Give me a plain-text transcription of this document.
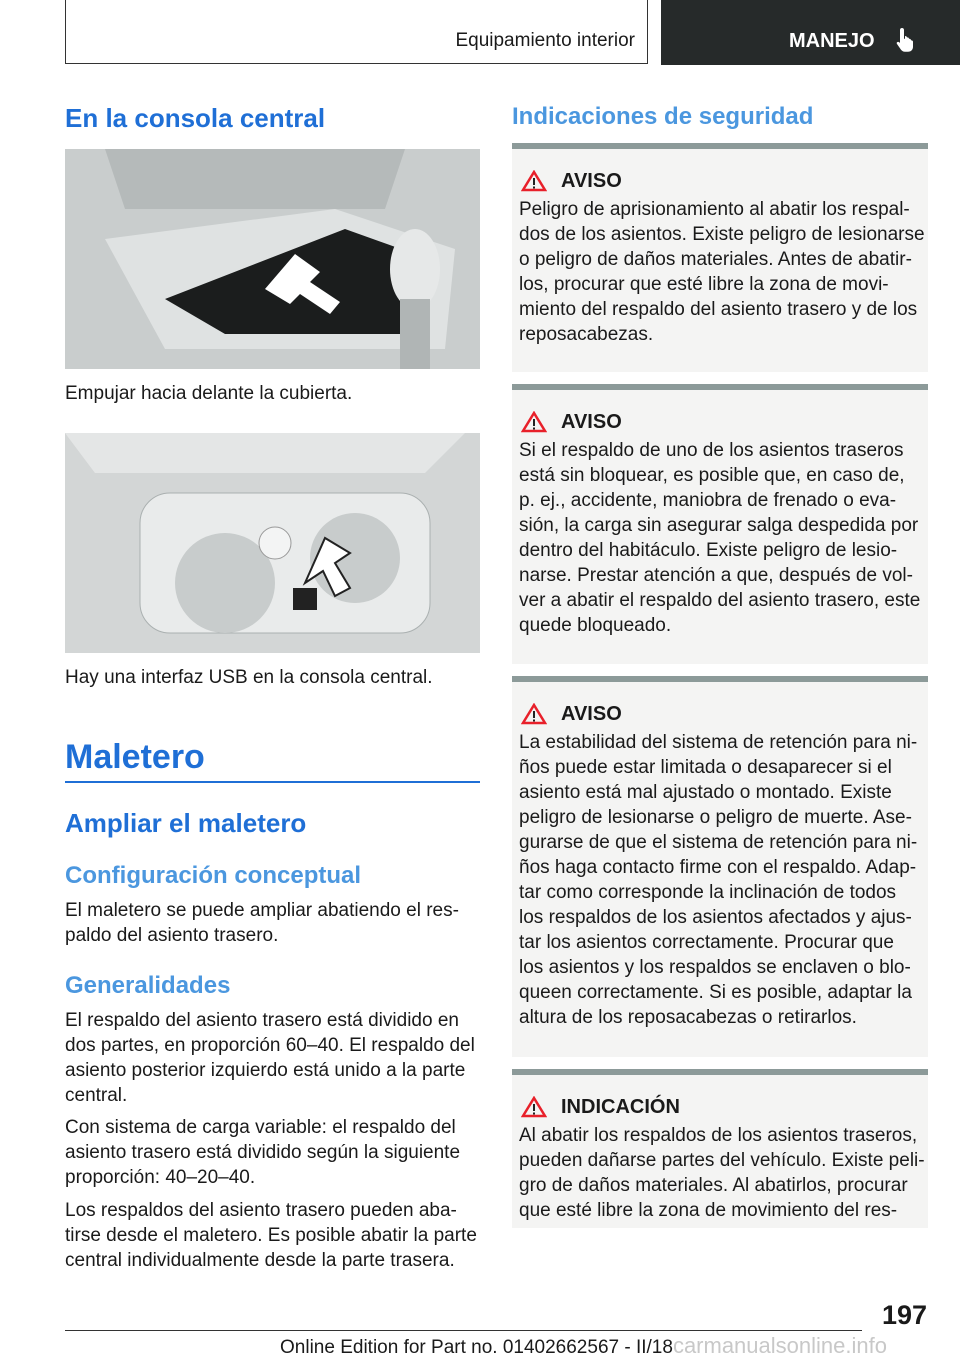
Equipamiento interior	MANEJO
En la consola central
Empujar hacia delante la cubierta.
Hay una interfaz USB en la consola central.
Maletero
Ampliar el maletero
Configuración conceptual
El maletero se puede ampliar abatiendo el res-
paldo del asiento trasero.
Generalidades
El respaldo del asiento trasero está dividido en
dos partes, en proporción 60–40. El respaldo del
asiento posterior izquierdo está unido a la parte
central.
Con sistema de carga variable: el respaldo del
asiento trasero está dividido según la siguiente
proporción: 40–20–40.
Los respaldos del asiento trasero pueden aba-
tirse desde el maletero. Es posible abatir la parte
central individualmente desde la parte trasera.
Indicaciones de seguridad
AVISO
Peligro de aprisionamiento al abatir los respal-
dos de los asientos. Existe peligro de lesionarse
o peligro de daños materiales. Antes de abatir-
los, procurar que esté libre la zona de movi-
miento del respaldo del asiento trasero y de los
reposacabezas.
AVISO
Si el respaldo de uno de los asientos traseros
está sin bloquear, es posible que, en caso de,
p. ej., accidente, maniobra de frenado o eva-
sión, la carga sin asegurar salga despedida por
dentro del habitáculo. Existe peligro de lesio-
narse. Prestar atención a que, después de vol-
ver a abatir el respaldo del asiento trasero, este
quede bloqueado.
AVISO
La estabilidad del sistema de retención para ni-
ños puede estar limitada o desaparecer si el
asiento está mal ajustado o montado. Existe
peligro de lesionarse o peligro de muerte. Ase-
gurarse de que el sistema de retención para ni-
ños haga contacto firme con el respaldo. Adap-
tar como corresponde la inclinación de todos
los respaldos de los asientos afectados y ajus-
tar los asientos correctamente. Procurar que
los asientos y los respaldos se enclaven o blo-
queen correctamente. Si es posible, adaptar la
altura de los reposacabezas o retirarlos.
INDICACIÓN
Al abatir los respaldos de los asientos traseros,
pueden dañarse partes del vehículo. Existe peli-
gro de daños materiales. Al abatirlos, procurar
que esté libre la zona de movimiento del res-
197
Online Edition for Part no. 01402662567 - II/18carmanualsonline.info
